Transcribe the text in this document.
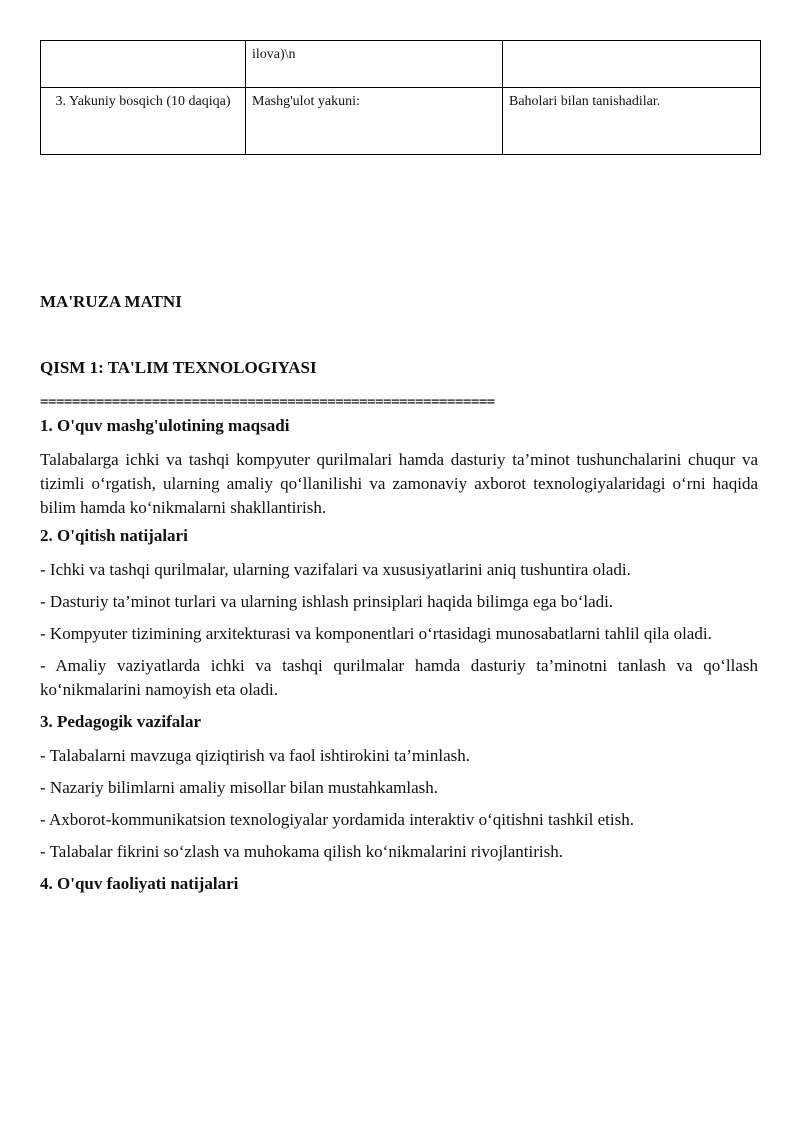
	ilova)\n	
3. Yakuniy bosqich (10 daqiqa)	Mashg'ulot yakuni:	Baholari bilan tanishadilar.
MA'RUZA MATNI
QISM 1: TA'LIM TEXNOLOGIYASI
=========================================================
1. O'quv mashg'ulotining maqsadi
Talabalarga ichki va tashqi kompyuter qurilmalari hamda dasturiy ta’minot tushunchalarini chuqur va tizimli o‘rgatish, ularning amaliy qo‘llanilishi va zamonaviy axborot texnologiyalaridagi o‘rni haqida bilim hamda ko‘nikmalarni shakllantirish.
2. O'qitish natijalari
- Ichki va tashqi qurilmalar, ularning vazifalari va xususiyatlarini aniq tushuntira oladi.
- Dasturiy ta’minot turlari va ularning ishlash prinsiplari haqida bilimga ega bo‘ladi.
- Kompyuter tizimining arxitekturasi va komponentlari o‘rtasidagi munosabatlarni tahlil qila oladi.
- Amaliy vaziyatlarda ichki va tashqi qurilmalar hamda dasturiy ta’minotni tanlash va qo‘llash ko‘nikmalarini namoyish eta oladi.
3. Pedagogik vazifalar
- Talabalarni mavzuga qiziqtirish va faol ishtirokini ta’minlash.
- Nazariy bilimlarni amaliy misollar bilan mustahkamlash.
- Axborot-kommunikatsion texnologiyalar yordamida interaktiv o‘qitishni tashkil etish.
- Talabalar fikrini so‘zlash va muhokama qilish ko‘nikmalarini rivojlantirish.
4. O'quv faoliyati natijalari
